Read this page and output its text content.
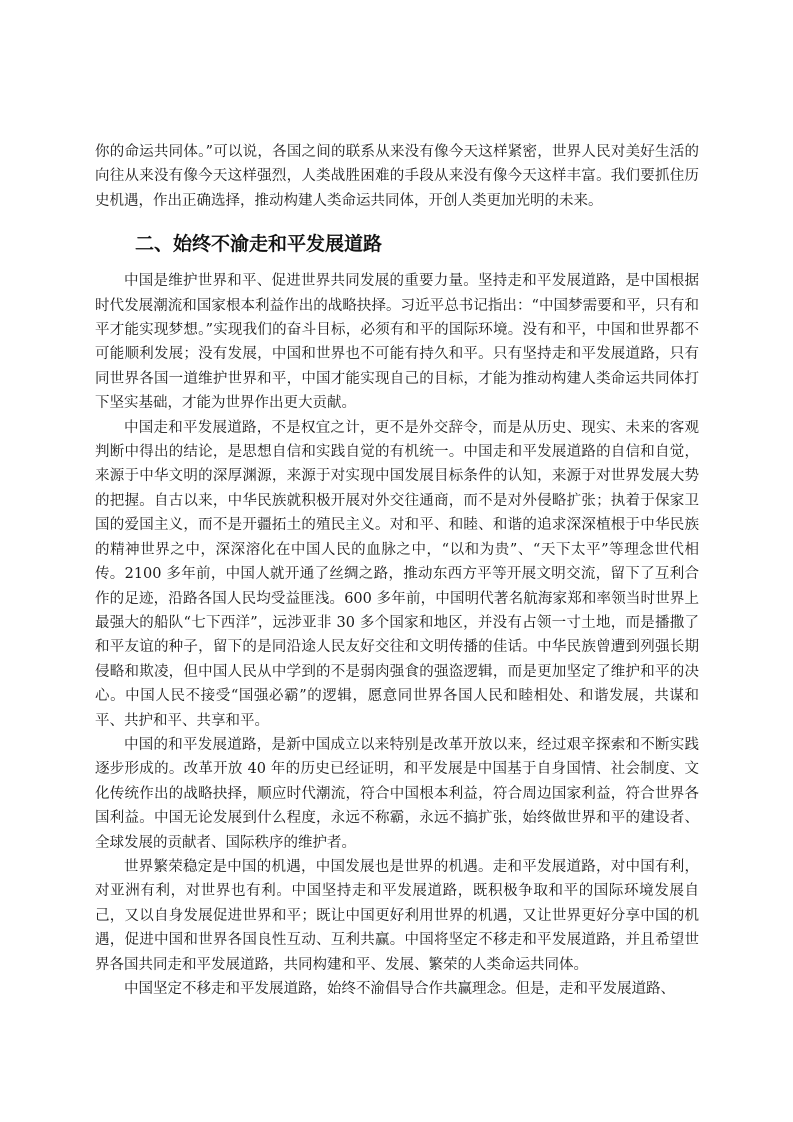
你的命运共同体。”可以说，各国之间的联系从来没有像今天这样紧密，世界人民对美好生活的向往从来没有像今天这样强烈，人类战胜困难的手段从来没有像今天这样丰富。我们要抓住历史机遇，作出正确选择，推动构建人类命运共同体，开创人类更加光明的未来。

二、始终不渝走和平发展道路

中国是维护世界和平、促进世界共同发展的重要力量。坚持走和平发展道路，是中国根据时代发展潮流和国家根本利益作出的战略抉择。习近平总书记指出：“中国梦需要和平，只有和平才能实现梦想。”实现我们的奋斗目标，必须有和平的国际环境。没有和平，中国和世界都不可能顺利发展；没有发展，中国和世界也不可能有持久和平。只有坚持走和平发展道路，只有同世界各国一道维护世界和平，中国才能实现自己的目标，才能为推动构建人类命运共同体打下坚实基础，才能为世界作出更大贡献。

中国走和平发展道路，不是权宜之计，更不是外交辞令，而是从历史、现实、未来的客观判断中得出的结论，是思想自信和实践自觉的有机统一。中国走和平发展道路的自信和自觉，来源于中华文明的深厚渊源，来源于对实现中国发展目标条件的认知，来源于对世界发展大势的把握。自古以来，中华民族就积极开展对外交往通商，而不是对外侵略扩张；执着于保家卫国的爱国主义，而不是开疆拓土的殖民主义。对和平、和睦、和谐的追求深深植根于中华民族的精神世界之中，深深溶化在中国人民的血脉之中，“以和为贵”、“天下太平”等理念世代相传。2100 多年前，中国人就开通了丝绸之路，推动东西方平等开展文明交流，留下了互利合作的足迹，沿路各国人民均受益匪浅。600 多年前，中国明代著名航海家郑和率领当时世界上最强大的船队“七下西洋”，远涉亚非 30 多个国家和地区，并没有占领一寸土地，而是播撒了和平友谊的种子，留下的是同沿途人民友好交往和文明传播的佳话。中华民族曾遭到列强长期侵略和欺凌，但中国人民从中学到的不是弱肉强食的强盗逻辑，而是更加坚定了维护和平的决心。中国人民不接受“国强必霸”的逻辑，愿意同世界各国人民和睦相处、和谐发展，共谋和平、共护和平、共享和平。

中国的和平发展道路，是新中国成立以来特别是改革开放以来，经过艰辛探索和不断实践逐步形成的。改革开放 40 年的历史已经证明，和平发展是中国基于自身国情、社会制度、文化传统作出的战略抉择，顺应时代潮流，符合中国根本利益，符合周边国家利益，符合世界各国利益。中国无论发展到什么程度，永远不称霸，永远不搞扩张，始终做世界和平的建设者、全球发展的贡献者、国际秩序的维护者。

世界繁荣稳定是中国的机遇，中国发展也是世界的机遇。走和平发展道路，对中国有利，对亚洲有利，对世界也有利。中国坚持走和平发展道路，既积极争取和平的国际环境发展自己，又以自身发展促进世界和平；既让中国更好利用世界的机遇，又让世界更好分享中国的机遇，促进中国和世界各国良性互动、互利共赢。中国将坚定不移走和平发展道路，并且希望世界各国共同走和平发展道路，共同构建和平、发展、繁荣的人类命运共同体。

中国坚定不移走和平发展道路，始终不渝倡导合作共赢理念。但是，走和平发展道路、
